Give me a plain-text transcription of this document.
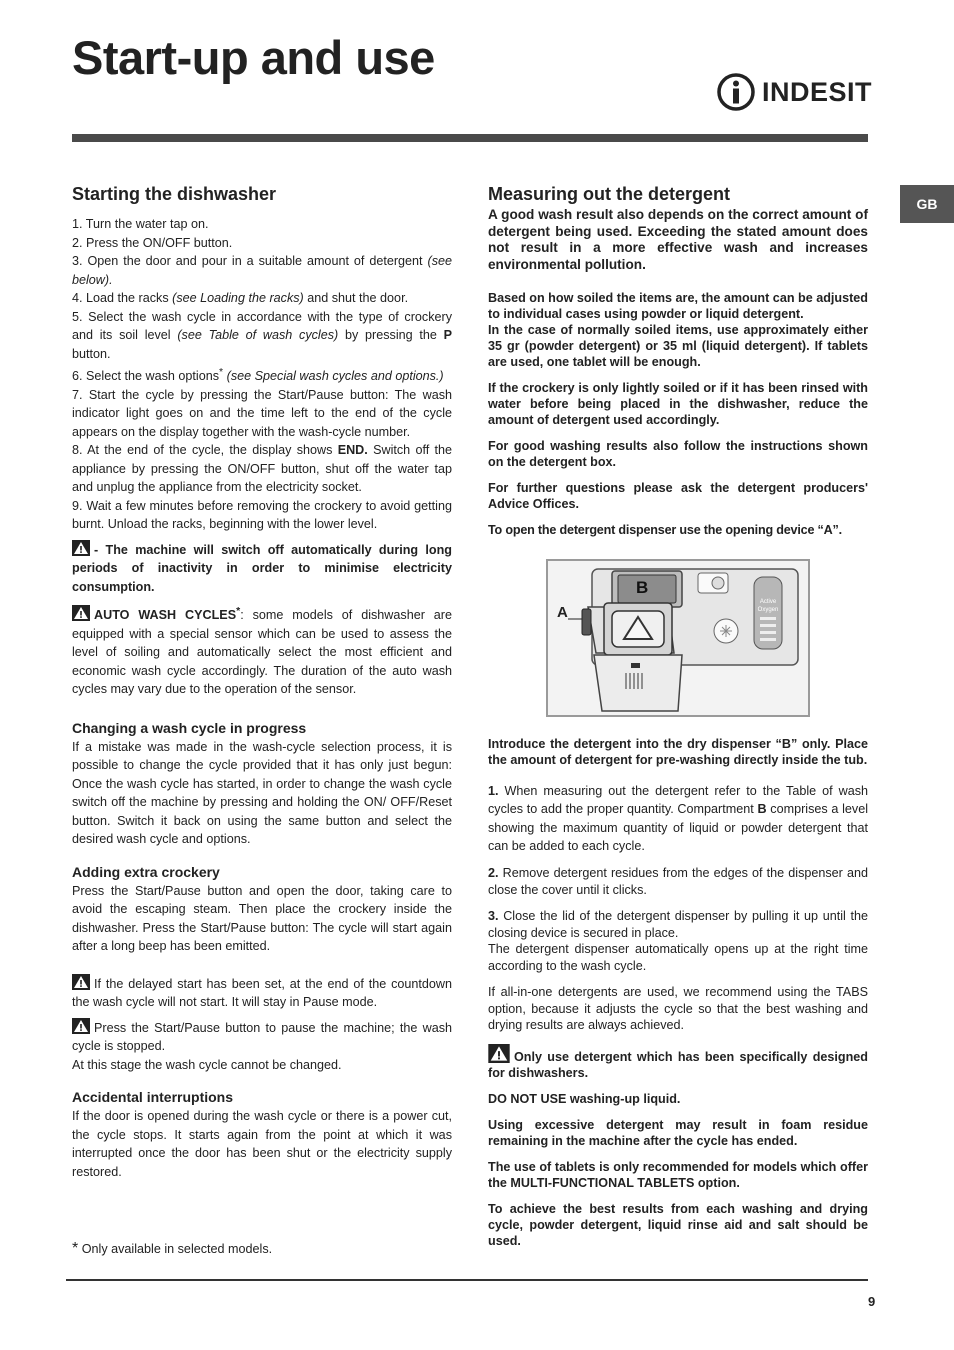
Start-up and use
INDESIT
GB
Starting the dishwasher

1. Turn the water tap on.

2. Press the ON/OFF button.

3. Open the door and pour in a suitable amount of detergent (see below).

4. Load the racks (see Loading the racks) and shut the door.

5. Select the wash cycle in accordance with the type of crockery and its soil level (see Table of wash cycles) by pressing the P button.

6. Select the wash options* (see Special wash cycles and options.)

7. Start the cycle by pressing the Start/Pause button: The wash indicator light goes on and the time left to the end of the cycle appears on the display together with the wash-cycle number.

8. At the end of the cycle, the display shows END. Switch off the appliance by pressing the ON/OFF button, shut off the water tap and unplug the appliance from the electricity socket.

9. Wait a few minutes before removing the crockery to avoid getting burnt. Unload the racks, beginning with the lower level.

- The machine will switch off automatically during long periods of inactivity in order to minimise electricity consumption.

AUTO WASH CYCLES*: some models of dishwasher are equipped with a special sensor which can be used to assess the level of soiling and automatically select the most efficient and economic wash cycle accordingly. The duration of the auto wash cycles may vary due to the operation of the sensor.

Changing a wash cycle in progress

If a mistake was made in the wash-cycle selection process, it is possible to change the cycle provided that it has only just begun: Once the wash cycle has started, in order to change the wash cycle switch off the machine by pressing and holding the ON/ OFF/Reset button. Switch it back on using the same button and select the desired wash cycle and options.

Adding extra crockery

Press the Start/Pause button and open the door, taking care to avoid the escaping steam. Then place the crockery inside the dishwasher. Press the Start/Pause button: The cycle will start again after a long beep has been emitted.

If the delayed start has been set, at the end of the countdown the wash cycle will not start. It will stay in Pause mode.

Press the Start/Pause button to pause the machine; the wash cycle is stopped.

At this stage the wash cycle cannot be changed.

Accidental interruptions

If the door is opened during the wash cycle or there is a power cut, the cycle stops. It starts again from the point at which it was interrupted once the door has been shut or the electricity supply restored.

Measuring out the detergent

A good wash result also depends on the correct amount of detergent being used. Exceeding the stated amount does not result in a more effective wash and increases environmental pollution.

Based on how soiled the items are, the amount can be adjusted to individual cases using powder or liquid detergent.

In the case of normally soiled items, use approximately either 35 gr (powder detergent) or 35 ml (liquid detergent). If tablets are used, one tablet will be enough.

If the crockery is only lightly soiled or if it has been rinsed with water before being placed in the dishwasher, reduce the amount of detergent used accordingly.

For good washing results also follow the instructions shown on the detergent box.

For further questions please ask the detergent producers' Advice Offices.

To open the detergent dispenser use the opening device “A”.

Active
Oxygen
A
B

Introduce the detergent into the dry dispenser “B” only. Place the amount of detergent for pre-washing directly inside the tub.

1. When measuring out the detergent refer to the Table of wash cycles to add the proper quantity. Compartment B comprises a level showing the maximum quantity of liquid or powder detergent that can be added to each cycle.

2. Remove detergent residues from the edges of the dispenser and close the cover until it clicks.

3. Close the lid of the detergent dispenser by pulling it up until the closing device is secured in place.

The detergent dispenser automatically opens up at the right time according to the wash cycle.

If all-in-one detergents are used, we recommend using the TABS option, because it adjusts the cycle so that the best washing and drying results are always achieved.

Only use detergent which has been specifically designed for dishwashers.

DO NOT USE washing-up liquid.

Using excessive detergent may result in foam residue remaining in the machine after the cycle has ended.

The use of tablets is only recommended for models which offer the MULTI-FUNCTIONAL TABLETS option.

To achieve the best results from each washing and drying cycle, powder detergent, liquid rinse aid and salt should be used.

* Only available in selected models.
9
